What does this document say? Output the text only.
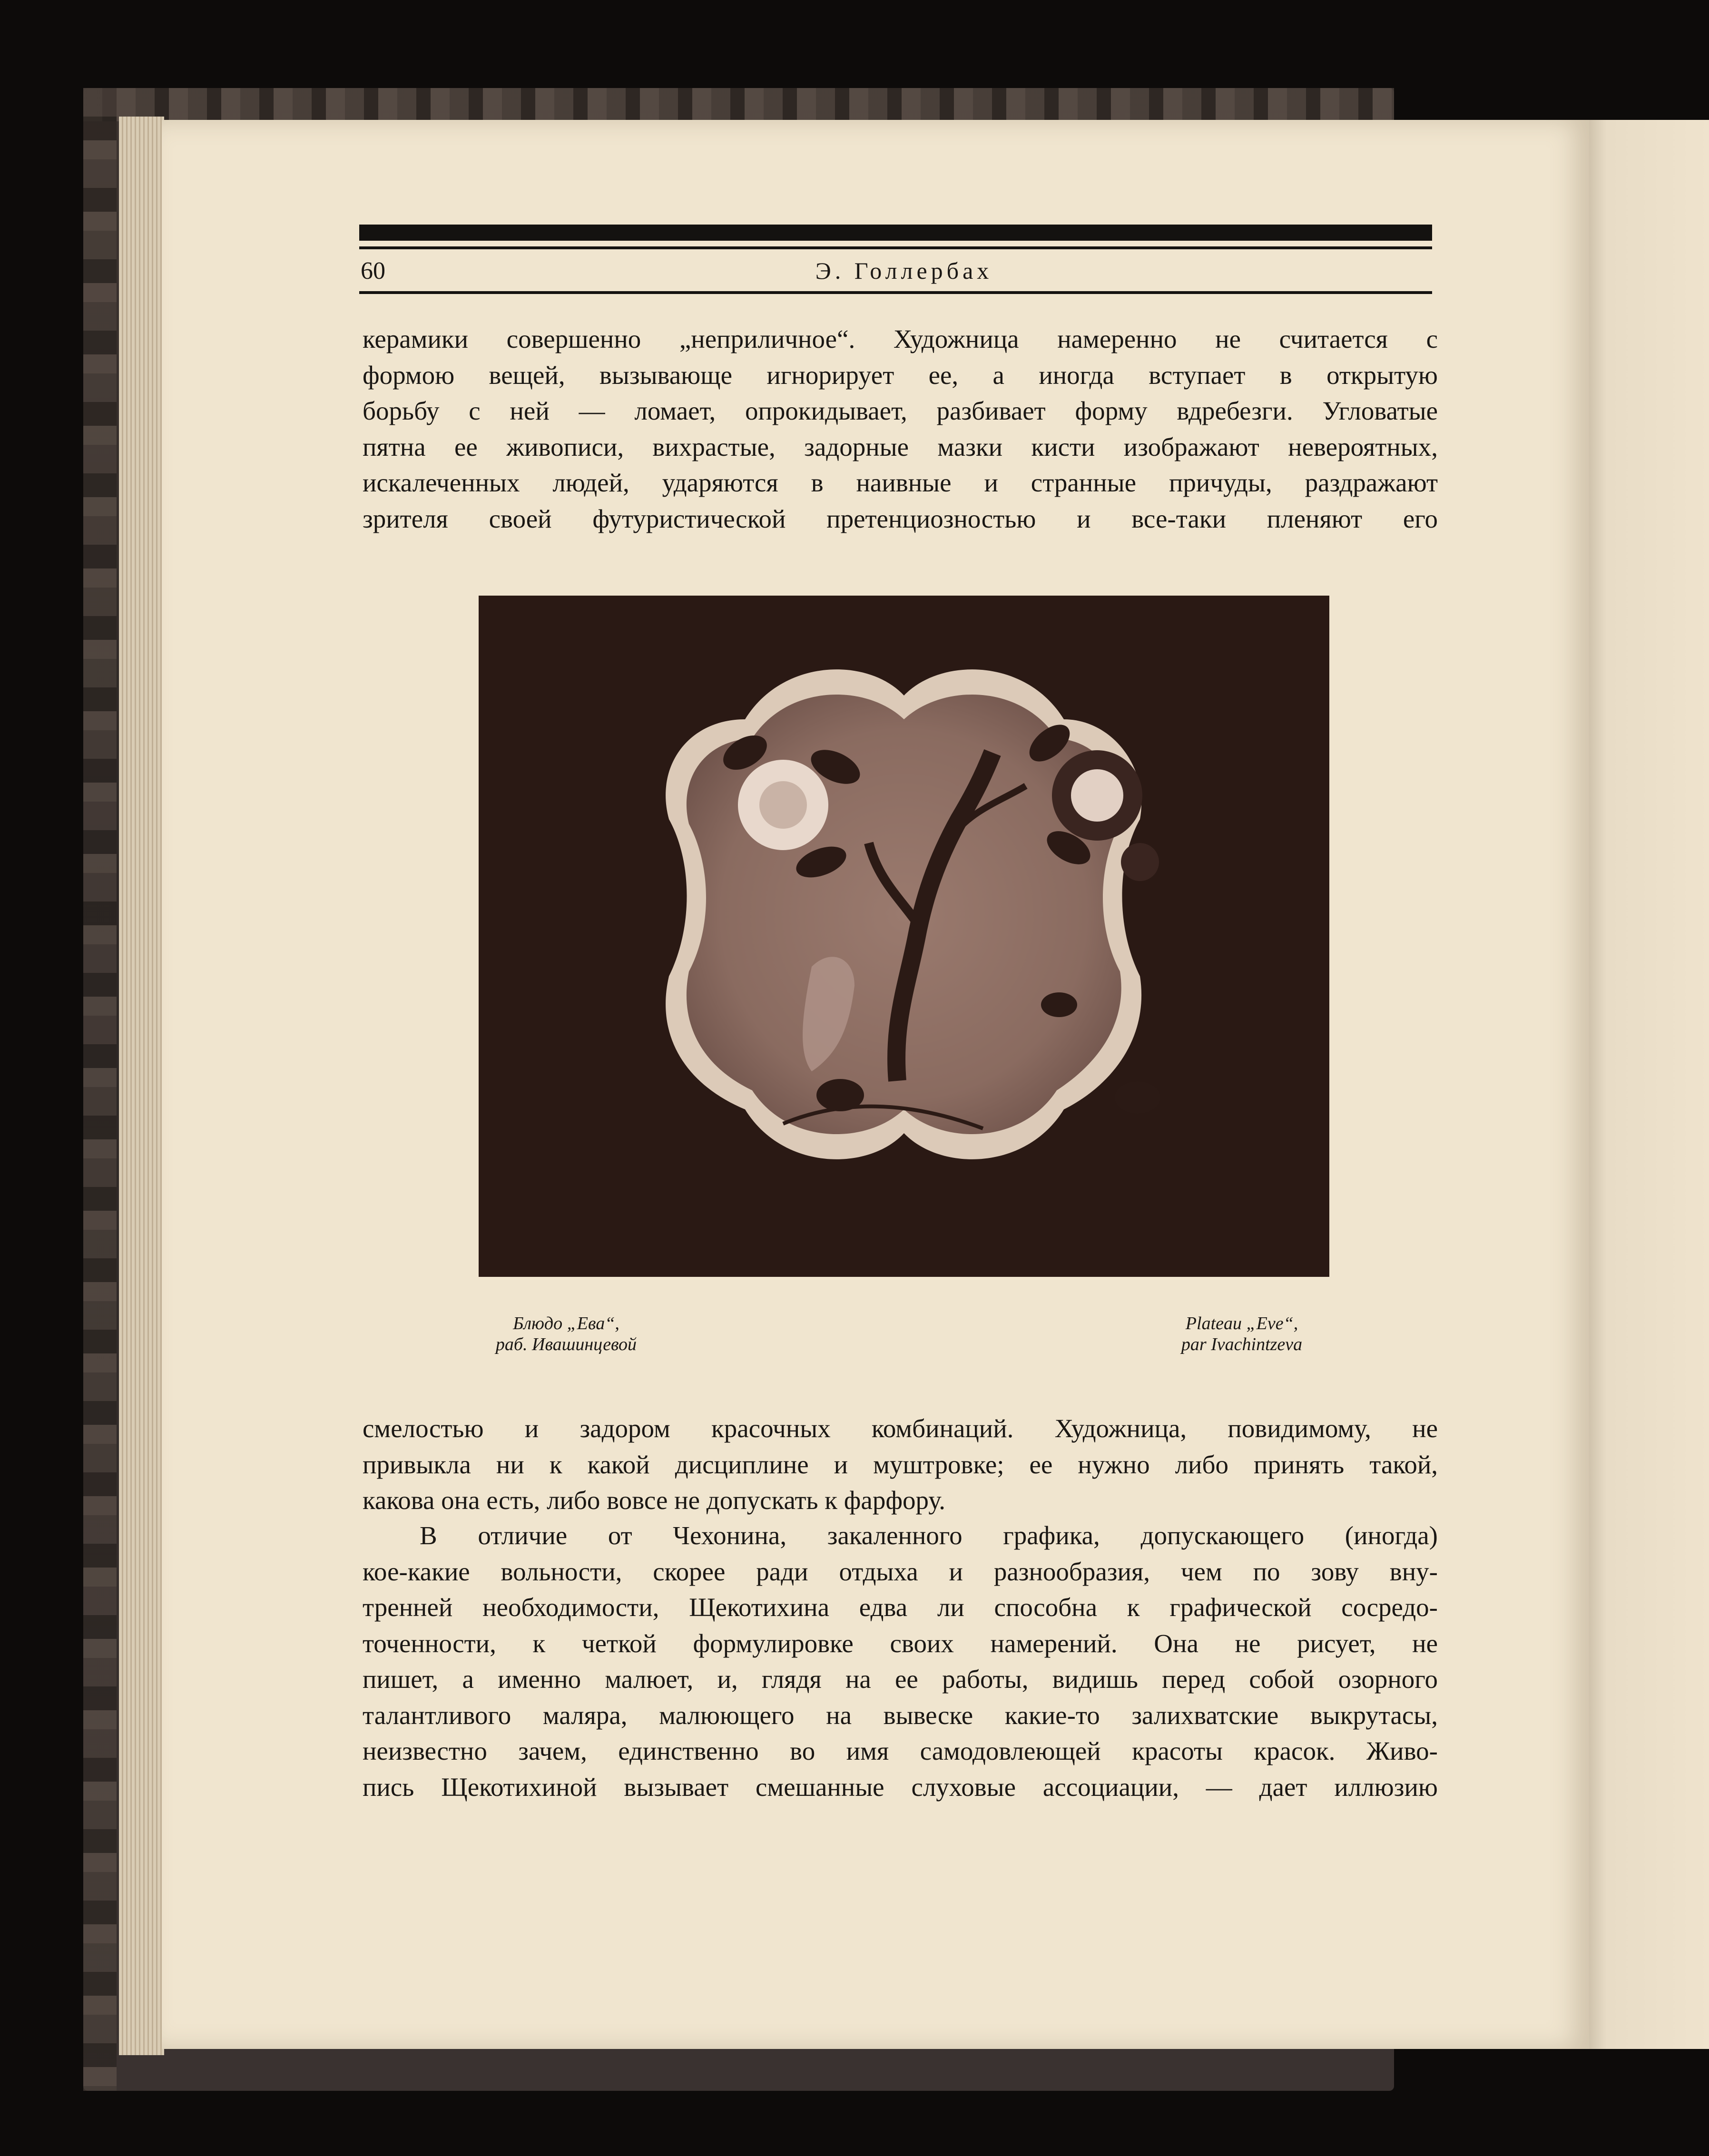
60	Э. Голлербах
керамики совершенно „неприличное“. Художница намеренно не считается с
формою вещей, вызывающе игнорирует ее, а иногда вступает в открытую
борьбу с ней — ломает, опрокидывает, разбивает форму вдребезги. Угловатые
пятна ее живописи, вихрастые, задорные мазки кисти изображают невероятных,
искалеченных людей, ударяются в наивные и странные причуды, раздражают
зрителя своей футуристической претенциозностью и все-таки пленяют его
Блюдо „Ева“,
раб. Ивашинцевой
Plateau „Eve“,
par Ivachintzeva
смелостью и задором красочных комбинаций. Художница, повидимому, не
привыкла ни к какой дисциплине и муштровке; ее нужно либо принять такой,
какова она есть, либо вовсе не допускать к фарфору.
В отличие от Чехонина, закаленного графика, допускающего (иногда)
кое-какие вольности, скорее ради отдыха и разнообразия, чем по зову вну-
тренней необходимости, Щекотихина едва ли способна к графической сосредо-
точенности, к четкой формулировке своих намерений. Она не рисует, не
пишет, а именно малюет, и, глядя на ее работы, видишь перед собой озорного
талантливого маляра, малюющего на вывеске какие-то залихватские выкрутасы,
неизвестно зачем, единственно во имя самодовлеющей красоты красок. Живо-
пись Щекотихиной вызывает смешанные слуховые ассоциации, — дает иллюзию
